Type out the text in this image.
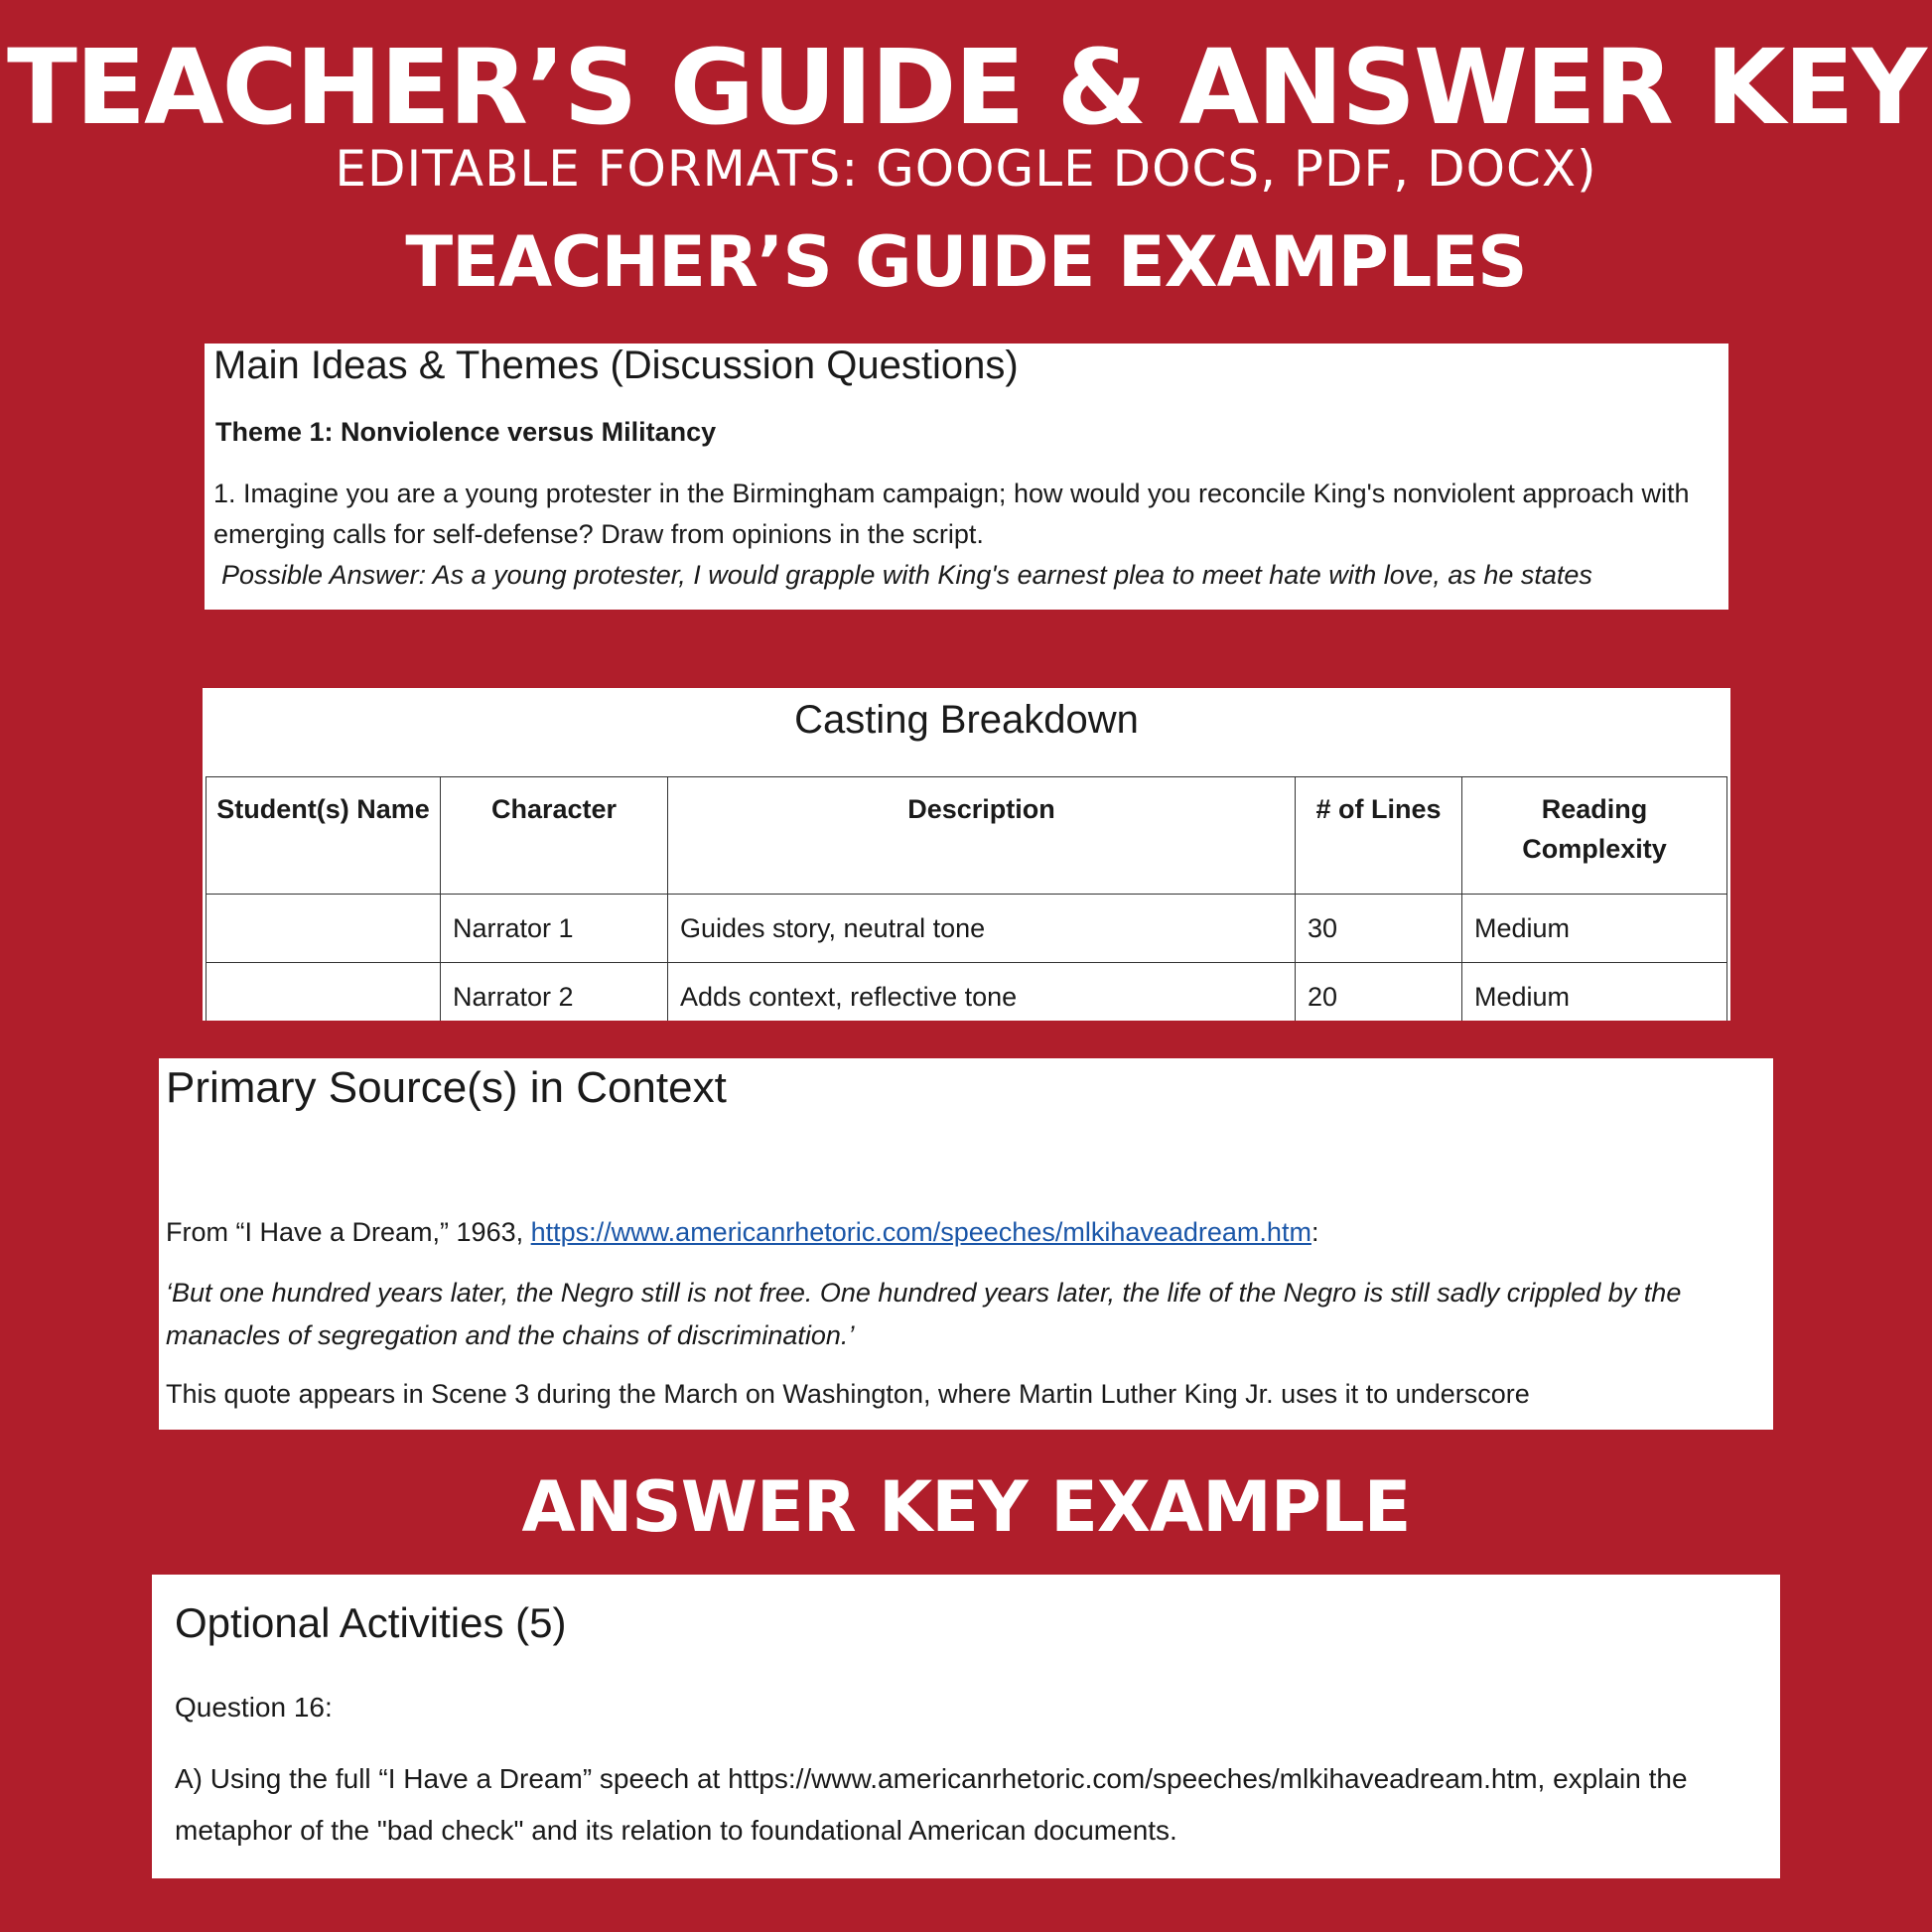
TEACHER’S GUIDE & ANSWER KEY
EDITABLE FORMATS: GOOGLE DOCS, PDF, DOCX)
TEACHER’S GUIDE EXAMPLES
Main Ideas & Themes (Discussion Questions)
Theme 1: Nonviolence versus Militancy
1. Imagine you are a young protester in the Birmingham campaign; how would you reconcile King's nonviolent approach with emerging calls for self-defense? Draw from opinions in the script.
Possible Answer: As a young protester, I would grapple with King's earnest plea to meet hate with love, as he states
Casting Breakdown
Student(s) Name	Character	Description	# of Lines	Reading Complexity
	Narrator 1	Guides story, neutral tone	30	Medium
	Narrator 2	Adds context, reflective tone	20	Medium
Primary Source(s) in Context
From “I Have a Dream,” 1963, https://www.americanrhetoric.com/speeches/mlkihaveadream.htm:
‘But one hundred years later, the Negro still is not free. One hundred years later, the life of the Negro is still sadly crippled by the manacles of segregation and the chains of discrimination.’
This quote appears in Scene 3 during the March on Washington, where Martin Luther King Jr. uses it to underscore
ANSWER KEY EXAMPLE
Optional Activities (5)
Question 16:
A) Using the full “I Have a Dream” speech at https://www.americanrhetoric.com/speeches/mlkihaveadream.htm, explain the metaphor of the "bad check" and its relation to foundational American documents.
